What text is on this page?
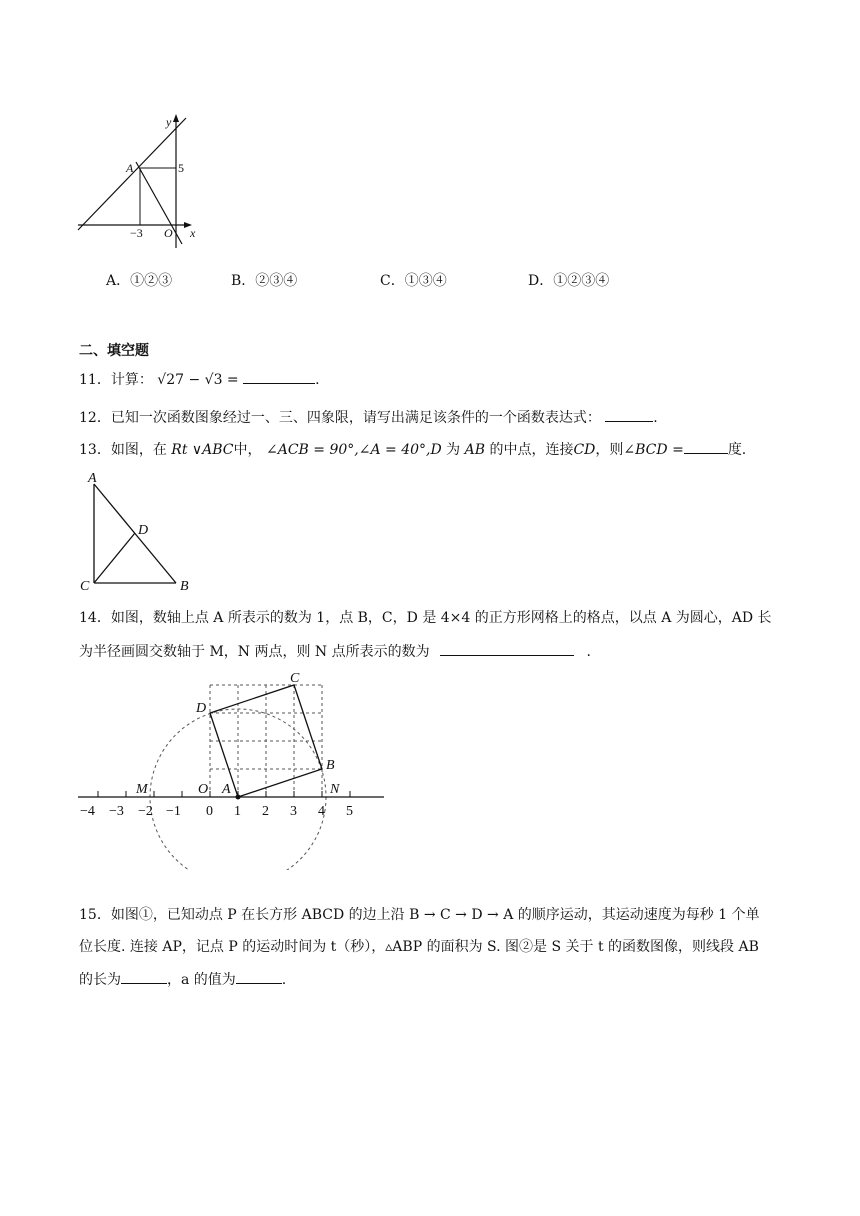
y
x
A
O
5
−3
A．①②③	B．②③④	C．①③④	D．①②③④
二、填空题
11．计算： √27 − √3 =	.
12．已知一次函数图象经过一、三、四象限，请写出满足该条件的一个函数表达式：	.
13．如图，在 Rt ∨ABC中， ∠ACB = 90°,∠A = 40°,D 为 AB 的中点，连接CD，则∠BCD =	度.
A
D
C	B
14．如图，数轴上点 A 所表示的数为 1，点 B，C，D 是 4×4 的正方形网格上的格点，以点 A 为圆心，AD 长
为半径画圆交数轴于 M，N 两点，则 N 点所表示的数为	.
−4 −3 −2 −1 0 1 2 3 4 5
C
D
B
M	O A	N
15．如图①，已知动点 P 在长方形 ABCD 的边上沿 B → C → D → A 的顺序运动，其运动速度为每秒 1 个单
位长度. 连接 AP，记点 P 的运动时间为 t（秒），▵ABP 的面积为 S. 图②是 S 关于 t 的函数图像，则线段 AB
的长为	，a 的值为	.
